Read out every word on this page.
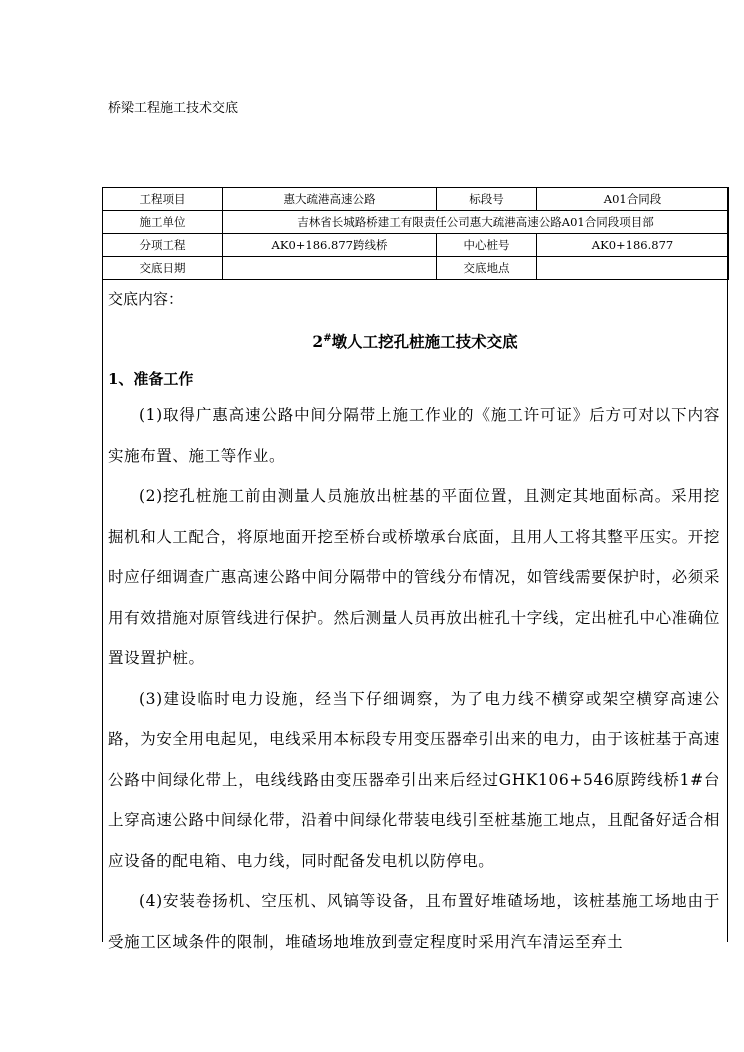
桥梁工程施工技术交底
工程项目	惠大疏港高速公路	标段号	A01合同段
施工单位	吉林省长城路桥建工有限责任公司惠大疏港高速公路A01合同段项目部		
分项工程	AK0+186.877跨线桥	中心桩号	AK0+186.877
交底日期		交底地点	
交底内容：
2#墩人工挖孔桩施工技术交底
1、准备工作

(1)取得广惠高速公路中间分隔带上施工作业的《施工许可证》后方可对以下内容实施布置、施工等作业。

(2)挖孔桩施工前由测量人员施放出桩基的平面位置，且测定其地面标高。采用挖掘机和人工配合，将原地面开挖至桥台或桥墩承台底面，且用人工将其整平压实。开挖时应仔细调查广惠高速公路中间分隔带中的管线分布情况，如管线需要保护时，必须采用有效措施对原管线进行保护。然后测量人员再放出桩孔十字线，定出桩孔中心准确位置设置护桩。

(3)建设临时电力设施，经当下仔细调察，为了电力线不横穿或架空横穿高速公路，为安全用电起见，电线采用本标段专用变压器牵引出来的电力，由于该桩基于高速公路中间绿化带上，电线线路由变压器牵引出来后经过GHK106+546原跨线桥1#台上穿高速公路中间绿化带，沿着中间绿化带装电线引至桩基施工地点，且配备好适合相应设备的配电箱、电力线，同时配备发电机以防停电。

(4)安装卷扬机、空压机、风镐等设备，且布置好堆碴场地，该桩基施工场地由于受施工区域条件的限制，堆碴场地堆放到壹定程度时采用汽车清运至弃土
